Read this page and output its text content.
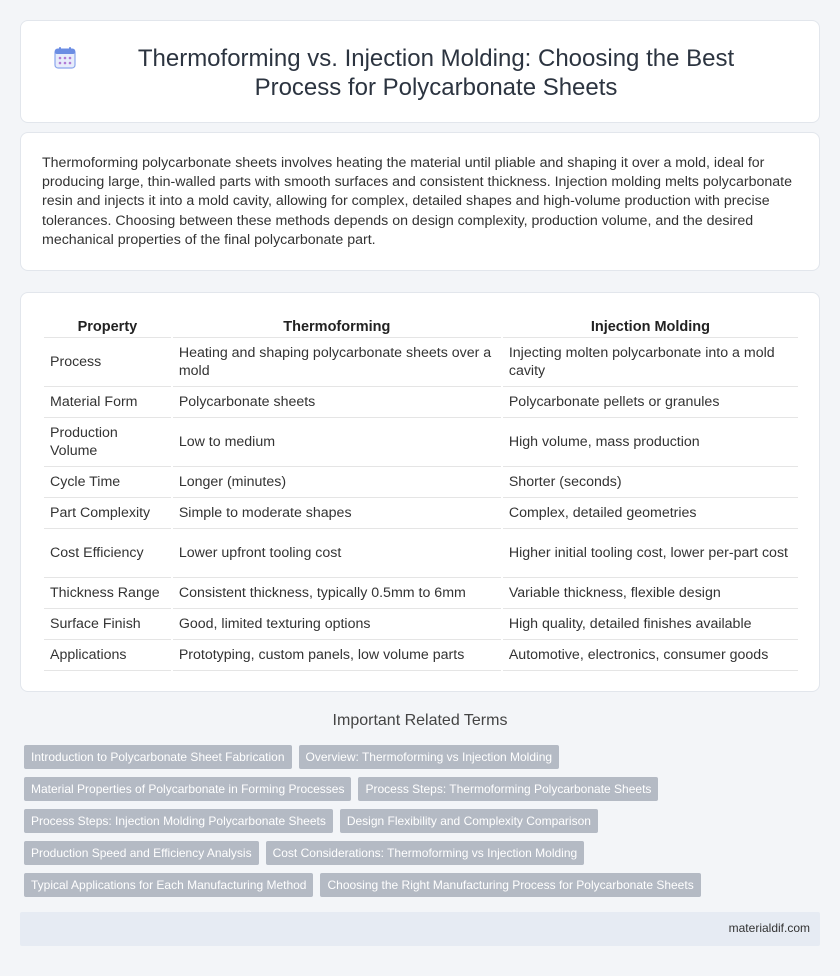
Thermoforming vs. Injection Molding: Choosing the Best Process for Polycarbonate Sheets

Thermoforming polycarbonate sheets involves heating the material until pliable and shaping it over a mold, ideal for producing large, thin-walled parts with smooth surfaces and consistent thickness. Injection molding melts polycarbonate resin and injects it into a mold cavity, allowing for complex, detailed shapes and high-volume production with precise tolerances. Choosing between these methods depends on design complexity, production volume, and the desired mechanical properties of the final polycarbonate part.

Property	Thermoforming	Injection Molding
Process	Heating and shaping polycarbonate sheets over a mold	Injecting molten polycarbonate into a mold cavity
Material Form	Polycarbonate sheets	Polycarbonate pellets or granules
Production Volume	Low to medium	High volume, mass production
Cycle Time	Longer (minutes)	Shorter (seconds)
Part Complexity	Simple to moderate shapes	Complex, detailed geometries
Cost Efficiency	Lower upfront tooling cost	Higher initial tooling cost, lower per-part cost
Thickness Range	Consistent thickness, typically 0.5mm to 6mm	Variable thickness, flexible design
Surface Finish	Good, limited texturing options	High quality, detailed finishes available
Applications	Prototyping, custom panels, low volume parts	Automotive, electronics, consumer goods
Important Related Terms
Introduction to Polycarbonate Sheet Fabrication	Overview: Thermoforming vs Injection Molding
Material Properties of Polycarbonate in Forming Processes	Process Steps: Thermoforming Polycarbonate Sheets
Process Steps: Injection Molding Polycarbonate Sheets	Design Flexibility and Complexity Comparison
Production Speed and Efficiency Analysis	Cost Considerations: Thermoforming vs Injection Molding
Typical Applications for Each Manufacturing Method	Choosing the Right Manufacturing Process for Polycarbonate Sheets
materialdif.com
